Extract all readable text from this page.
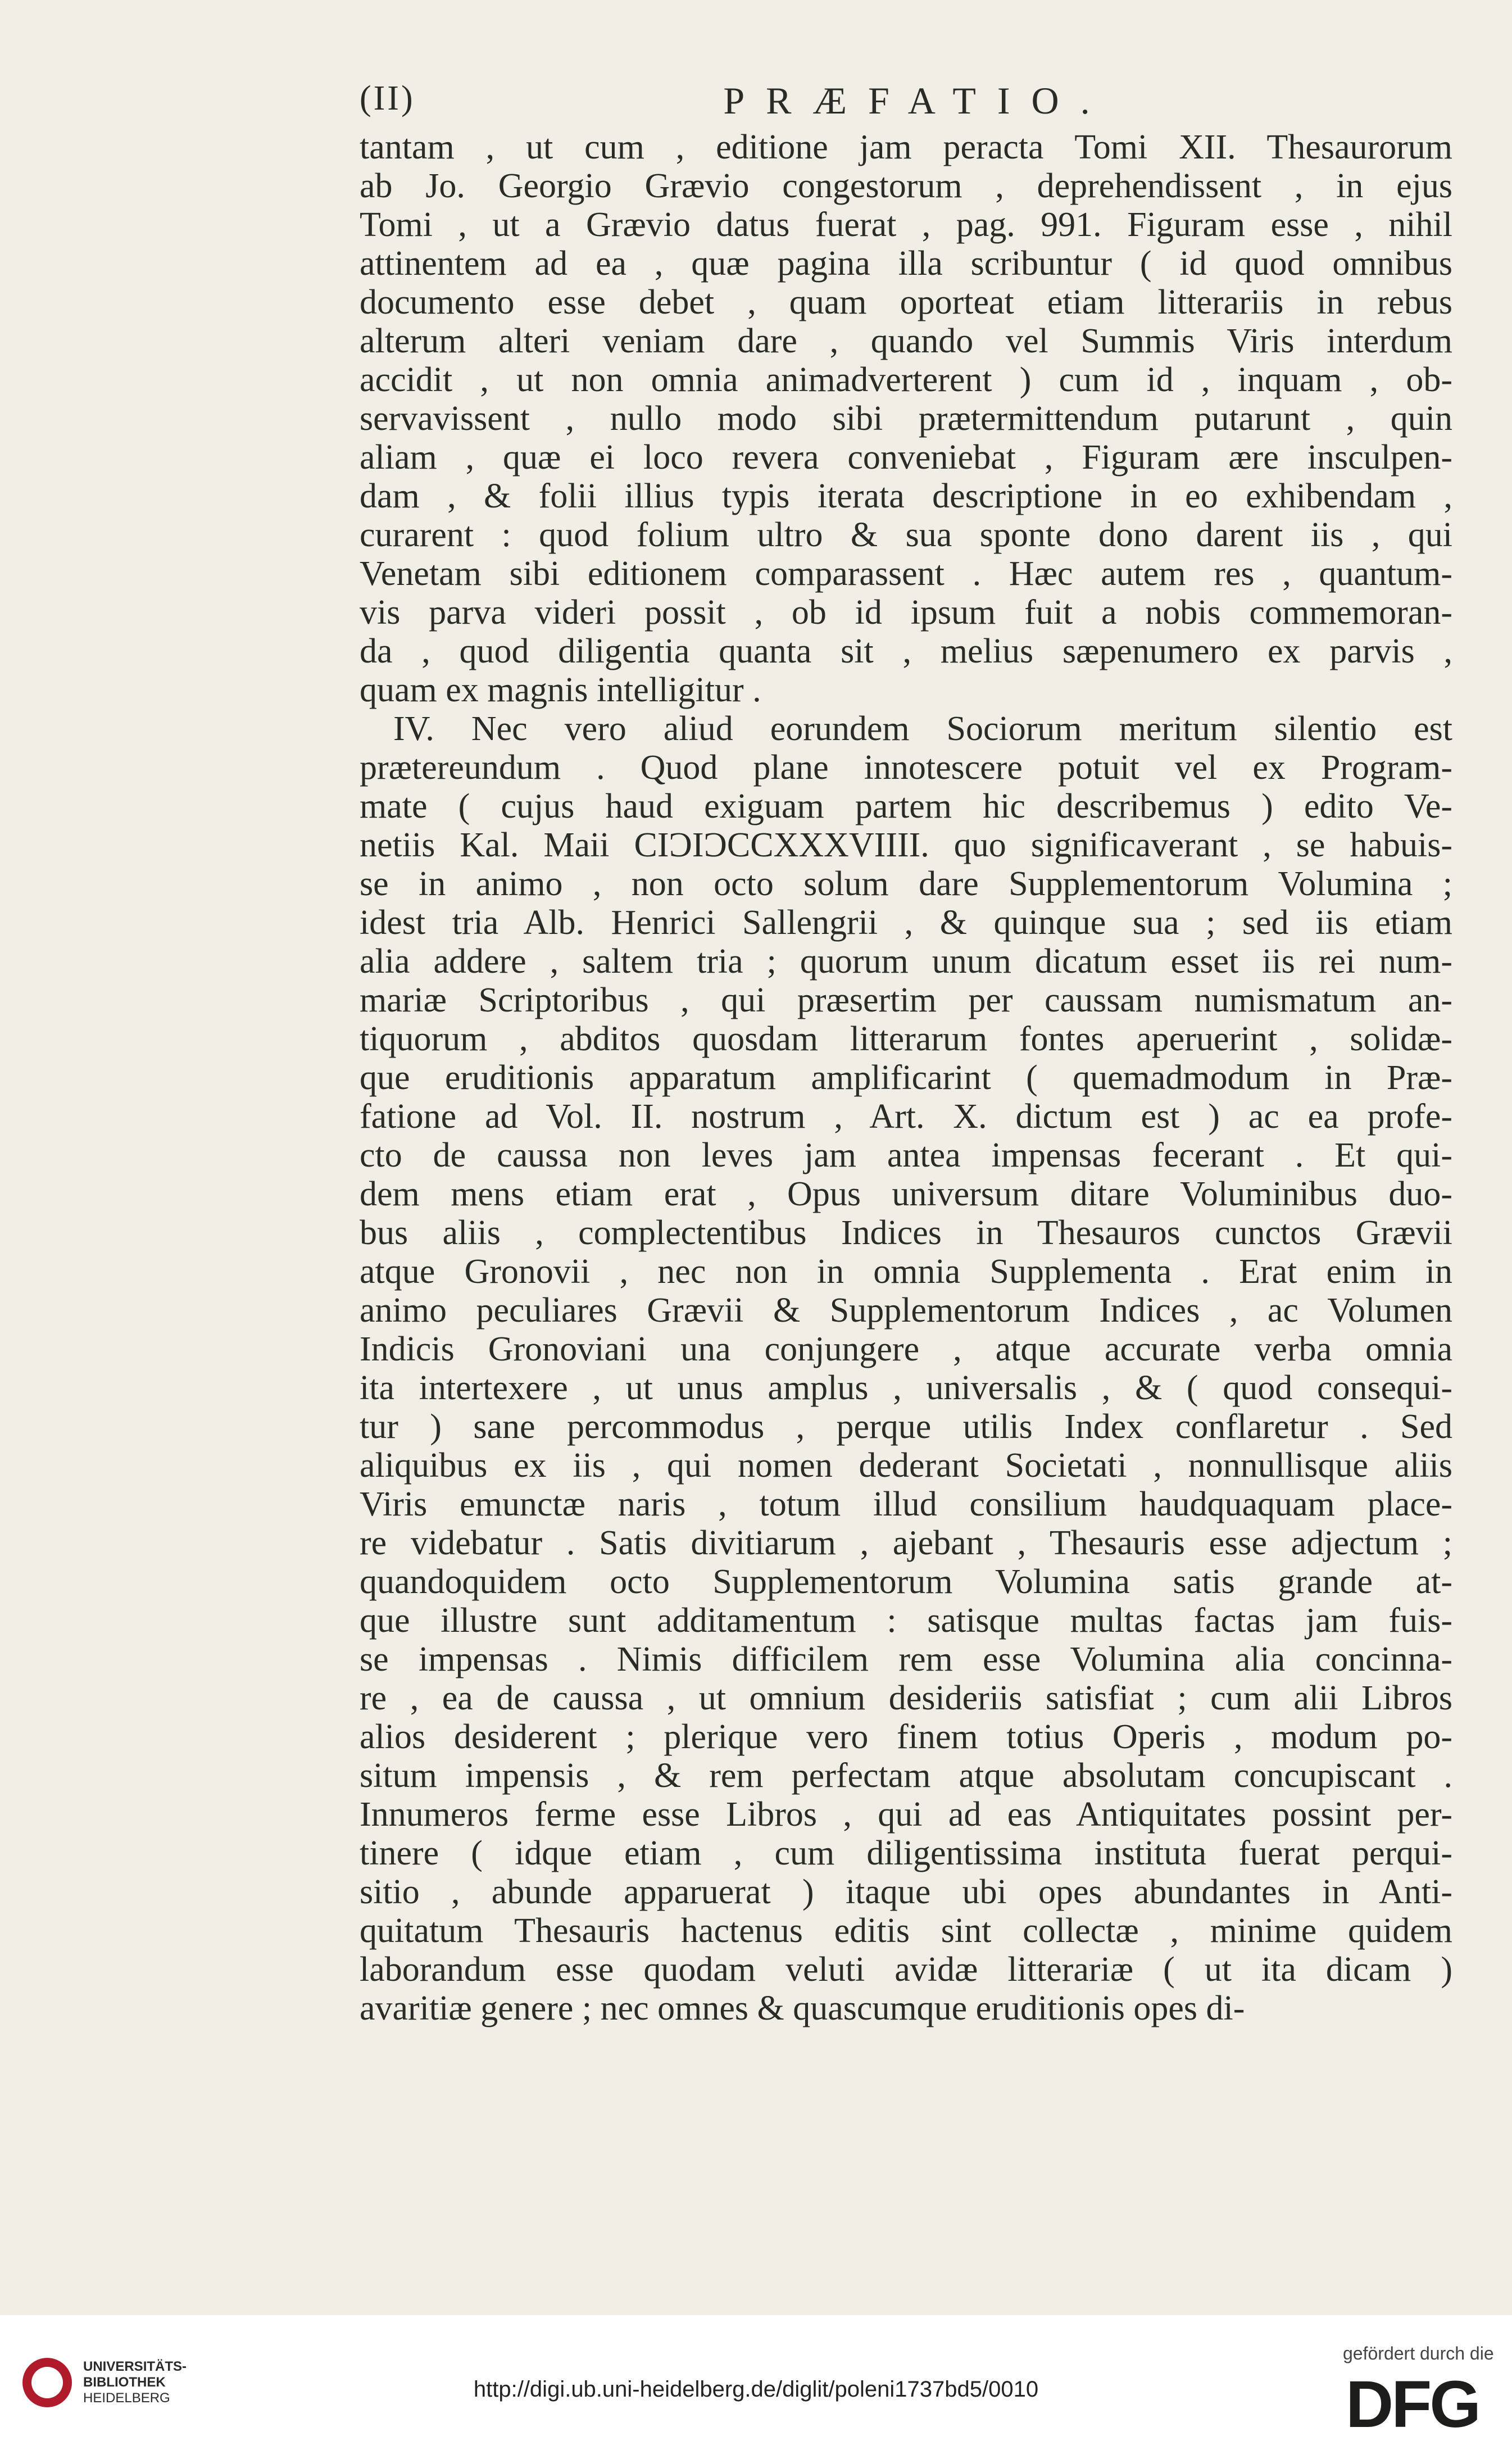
(II)	PRÆFATIO.
tantam , ut cum , editione jam peracta Tomi XII. Thesaurorum
ab Jo. Georgio Grævio congestorum , deprehendissent , in ejus
Tomi , ut a Grævio datus fuerat , pag. 991. Figuram esse , nihil
attinentem ad ea , quæ pagina illa scribuntur ( id quod omnibus
documento esse debet , quam oporteat etiam litterariis in rebus
alterum alteri veniam dare , quando vel Summis Viris interdum
accidit , ut non omnia animadverterent ) cum id , inquam , ob-
servavissent , nullo modo sibi prætermittendum putarunt , quin
aliam , quæ ei loco revera conveniebat , Figuram ære insculpen-
dam , & folii illius typis iterata descriptione in eo exhibendam ,
curarent : quod folium ultro & sua sponte dono darent iis , qui
Venetam sibi editionem comparassent . Hæc autem res , quantum-
vis parva videri possit , ob id ipsum fuit a nobis commemoran-
da , quod diligentia quanta sit , melius sæpenumero ex parvis ,
quam ex magnis intelligitur .
IV. Nec vero aliud eorundem Sociorum meritum silentio est
prætereundum . Quod plane innotescere potuit vel ex Program-
mate ( cujus haud exiguam partem hic describemus ) edito Ve-
netiis Kal. Maii CIƆIƆCCXXXVIIII. quo significaverant , se habuis-
se in animo , non octo solum dare Supplementorum Volumina ;
idest tria Alb. Henrici Sallengrii , & quinque sua ; sed iis etiam
alia addere , saltem tria ; quorum unum dicatum esset iis rei num-
mariæ Scriptoribus , qui præsertim per caussam numismatum an-
tiquorum , abditos quosdam litterarum fontes aperuerint , solidæ-
que eruditionis apparatum amplificarint ( quemadmodum in Præ-
fatione ad Vol. II. nostrum , Art. X. dictum est ) ac ea profe-
cto de caussa non leves jam antea impensas fecerant . Et qui-
dem mens etiam erat , Opus universum ditare Voluminibus duo-
bus aliis , complectentibus Indices in Thesauros cunctos Grævii
atque Gronovii , nec non in omnia Supplementa . Erat enim in
animo peculiares Grævii & Supplementorum Indices , ac Volumen
Indicis Gronoviani una conjungere , atque accurate verba omnia
ita intertexere , ut unus amplus , universalis , & ( quod consequi-
tur ) sane percommodus , perque utilis Index conflaretur . Sed
aliquibus ex iis , qui nomen dederant Societati , nonnullisque aliis
Viris emunctæ naris , totum illud consilium haudquaquam place-
re videbatur . Satis divitiarum , ajebant , Thesauris esse adjectum ;
quandoquidem octo Supplementorum Volumina satis grande at-
que illustre sunt additamentum : satisque multas factas jam fuis-
se impensas . Nimis difficilem rem esse Volumina alia concinna-
re , ea de caussa , ut omnium desideriis satisfiat ; cum alii Libros
alios desiderent ; plerique vero finem totius Operis , modum po-
situm impensis , & rem perfectam atque absolutam concupiscant .
Innumeros ferme esse Libros , qui ad eas Antiquitates possint per-
tinere ( idque etiam , cum diligentissima instituta fuerat perqui-
sitio , abunde apparuerat ) itaque ubi opes abundantes in Anti-
quitatum Thesauris hactenus editis sint collectæ , minime quidem
laborandum esse quodam veluti avidæ litterariæ ( ut ita dicam )
avaritiæ genere ; nec omnes & quascumque eruditionis opes di-
UNIVERSITÄTS-
BIBLIOTHEK
HEIDELBERG	http://digi.ub.uni-heidelberg.de/diglit/poleni1737bd5/0010
gefördert durch die
DFG
